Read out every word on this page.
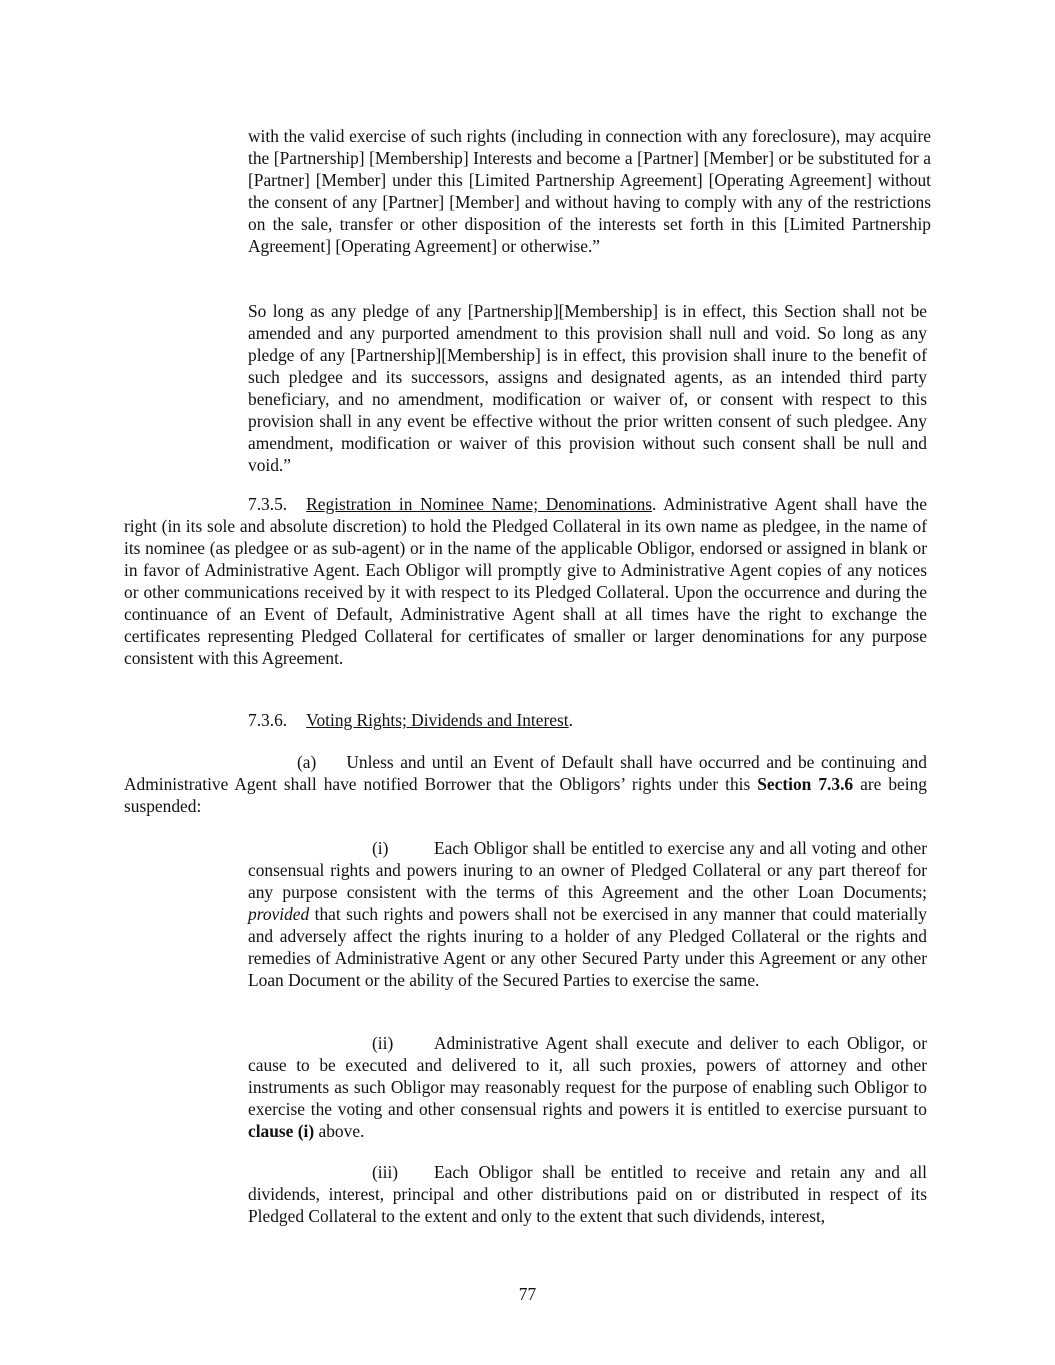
with the valid exercise of such rights (including in connection with any foreclosure), may acquire the [Partnership] [Membership] Interests and become a [Partner] [Member] or be substituted for a [Partner] [Member] under this [Limited Partnership Agreement] [Operating Agreement] without the consent of any [Partner] [Member] and without having to comply with any of the restrictions on the sale, transfer or other disposition of the interests set forth in this [Limited Partnership Agreement] [Operating Agreement] or otherwise.”

So long as any pledge of any [Partnership][Membership] is in effect, this Section shall not be amended and any purported amendment to this provision shall null and void. So long as any pledge of any [Partnership][Membership] is in effect, this provision shall inure to the benefit of such pledgee and its successors, assigns and designated agents, as an intended third party beneficiary, and no amendment, modification or waiver of, or consent with respect to this provision shall in any event be effective without the prior written consent of such pledgee. Any amendment, modification or waiver of this provision without such consent shall be null and void.”

7.3.5. Registration in Nominee Name; Denominations. Administrative Agent shall have the right (in its sole and absolute discretion) to hold the Pledged Collateral in its own name as pledgee, in the name of its nominee (as pledgee or as sub-agent) or in the name of the applicable Obligor, endorsed or assigned in blank or in favor of Administrative Agent. Each Obligor will promptly give to Administrative Agent copies of any notices or other communications received by it with respect to its Pledged Collateral. Upon the occurrence and during the continuance of an Event of Default, Administrative Agent shall at all times have the right to exchange the certificates representing Pledged Collateral for certificates of smaller or larger denominations for any purpose consistent with this Agreement.

7.3.6. Voting Rights; Dividends and Interest.

(a) Unless and until an Event of Default shall have occurred and be continuing and Administrative Agent shall have notified Borrower that the Obligors’ rights under this Section 7.3.6 are being suspended:

(i)	Each Obligor shall be entitled to exercise any and all voting and other consensual rights and powers inuring to an owner of Pledged Collateral or any part thereof for any purpose consistent with the terms of this Agreement and the other Loan Documents; provided that such rights and powers shall not be exercised in any manner that could materially and adversely affect the rights inuring to a holder of any Pledged Collateral or the rights and remedies of Administrative Agent or any other Secured Party under this Agreement or any other Loan Document or the ability of the Secured Parties to exercise the same.

(ii) Administrative Agent shall execute and deliver to each Obligor, or cause to be executed and delivered to it, all such proxies, powers of attorney and other instruments as such Obligor may reasonably request for the purpose of enabling such Obligor to exercise the voting and other consensual rights and powers it is entitled to exercise pursuant to clause (i) above.

(iii) Each Obligor shall be entitled to receive and retain any and all dividends, interest, principal and other distributions paid on or distributed in respect of its Pledged Collateral to the extent and only to the extent that such dividends, interest,

77
